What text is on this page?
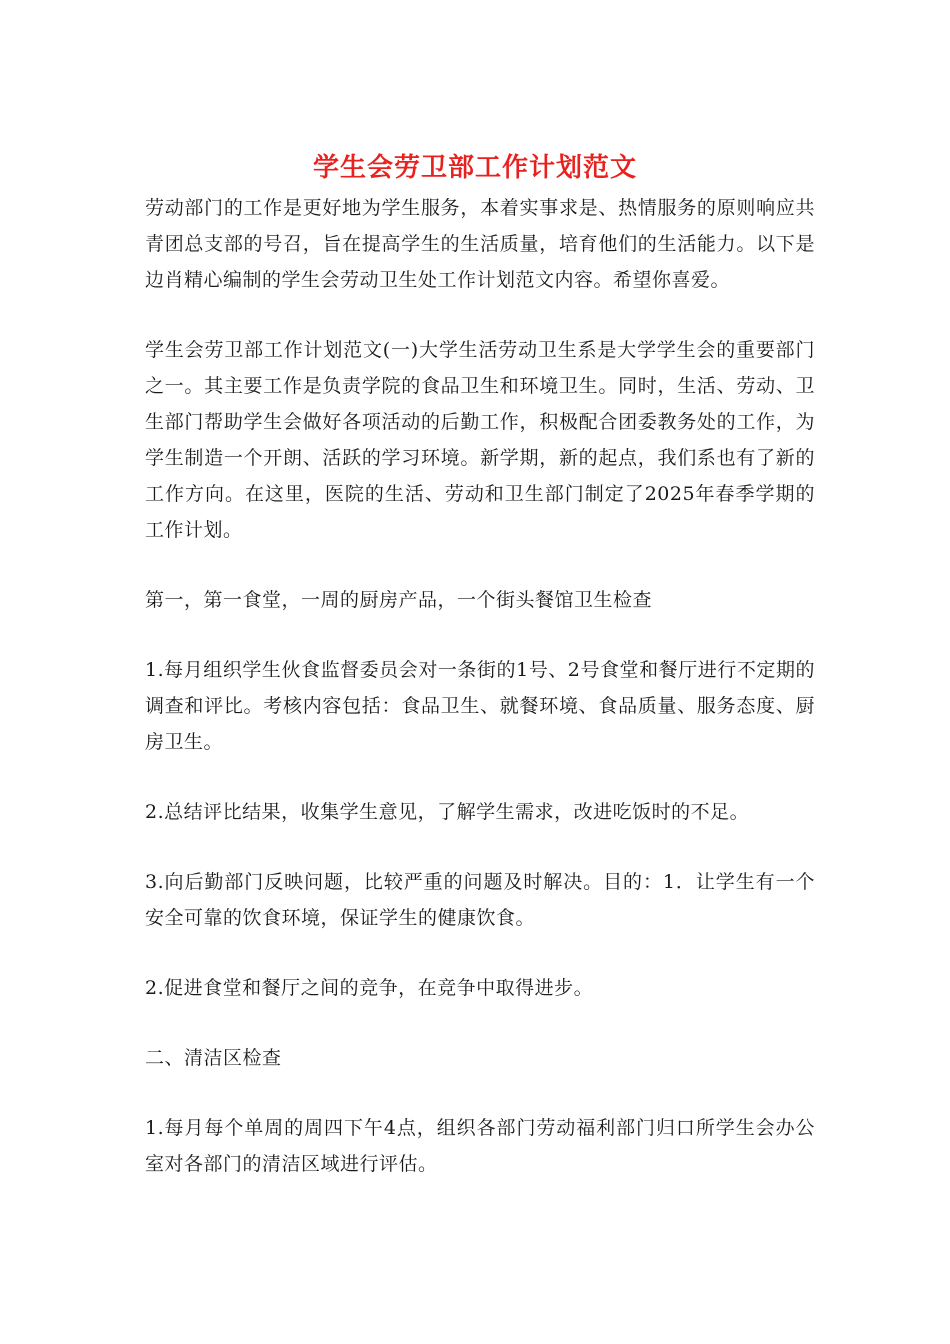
学生会劳卫部工作计划范文

劳动部门的工作是更好地为学生服务，本着实事求是、热情服务的原则响应共青团总支部的号召，旨在提高学生的生活质量，培育他们的生活能力。以下是边肖精心编制的学生会劳动卫生处工作计划范文内容。希望你喜爱。

学生会劳卫部工作计划范文(一)大学生活劳动卫生系是大学学生会的重要部门之一。其主要工作是负责学院的食品卫生和环境卫生。同时，生活、劳动、卫生部门帮助学生会做好各项活动的后勤工作，积极配合团委教务处的工作，为学生制造一个开朗、活跃的学习环境。新学期，新的起点，我们系也有了新的工作方向。在这里，医院的生活、劳动和卫生部门制定了2025年春季学期的工作计划。

第一，第一食堂，一周的厨房产品，一个街头餐馆卫生检查

1.每月组织学生伙食监督委员会对一条街的1号、2号食堂和餐厅进行不定期的调查和评比。考核内容包括：食品卫生、就餐环境、食品质量、服务态度、厨房卫生。

2.总结评比结果，收集学生意见，了解学生需求，改进吃饭时的不足。

3.向后勤部门反映问题，比较严重的问题及时解决。目的：1．让学生有一个安全可靠的饮食环境，保证学生的健康饮食。

2.促进食堂和餐厅之间的竞争，在竞争中取得进步。

二、清洁区检查

1.每月每个单周的周四下午4点，组织各部门劳动福利部门归口所学生会办公室对各部门的清洁区域进行评估。
